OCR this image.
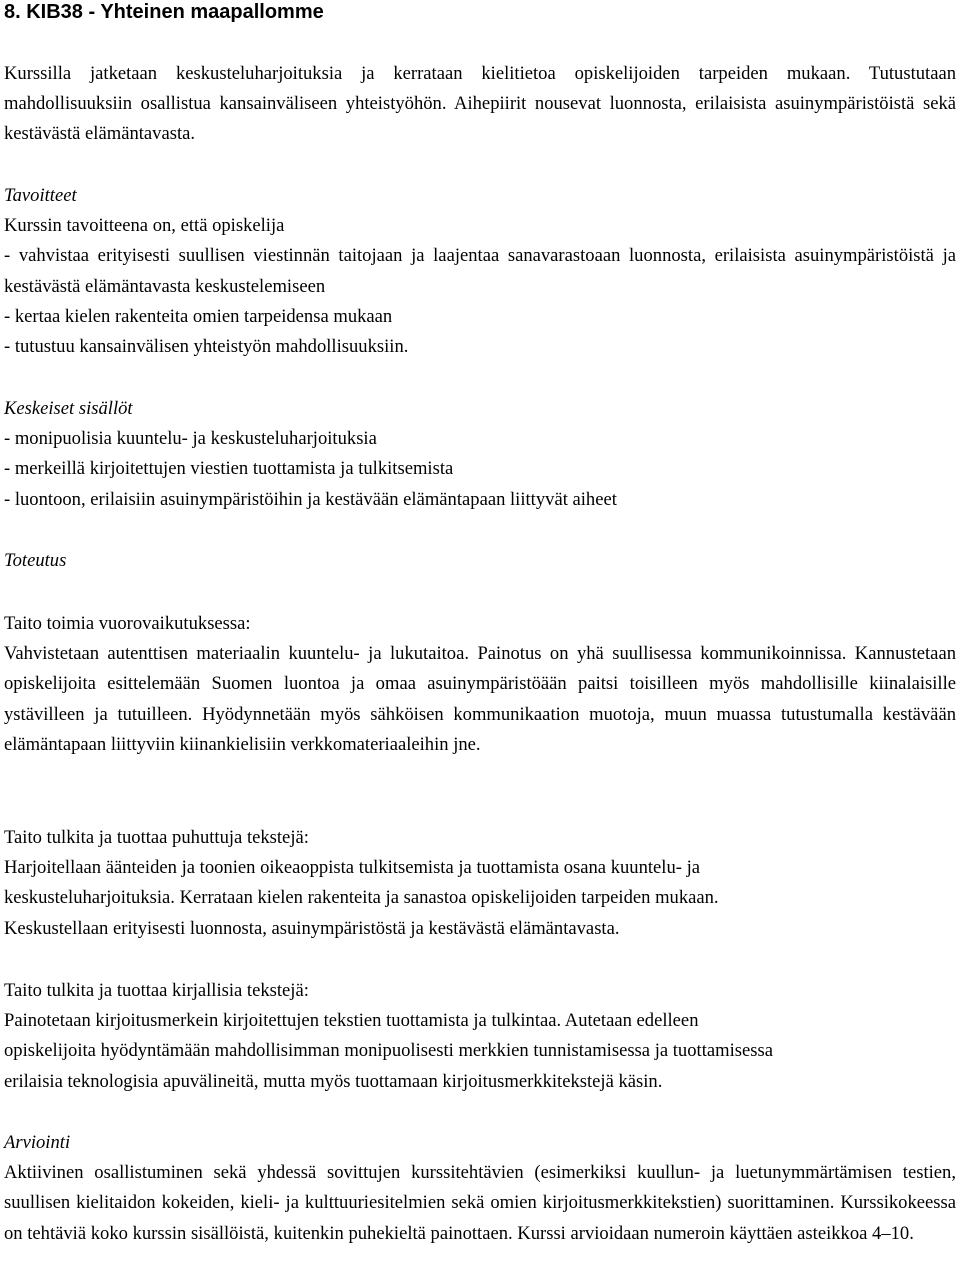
8. KIB38 - Yhteinen maapallomme

Kurssilla jatketaan keskusteluharjoituksia ja kerrataan kielitietoa opiskelijoiden tarpeiden mukaan. Tutustutaan mahdollisuuksiin osallistua kansainväliseen yhteistyöhön. Aihepiirit nousevat luonnosta, erilaisista asuinympäristöistä sekä kestävästä elämäntavasta.

Tavoitteet
Kurssin tavoitteena on, että opiskelija

- vahvistaa erityisesti suullisen viestinnän taitojaan ja laajentaa sanavarastoaan luonnosta, erilaisista asuinympäristöistä ja kestävästä elämäntavasta keskustelemiseen

- kertaa kielen rakenteita omien tarpeidensa mukaan
- tutustuu kansainvälisen yhteistyön mahdollisuuksiin.
Keskeiset sisällöt
- monipuolisia kuuntelu- ja keskusteluharjoituksia
- merkeillä kirjoitettujen viestien tuottamista ja tulkitsemista
- luontoon, erilaisiin asuinympäristöihin ja kestävään elämäntapaan liittyvät aiheet
Toteutus
Taito toimia vuorovaikutuksessa:

Vahvistetaan autenttisen materiaalin kuuntelu- ja lukutaitoa. Painotus on yhä suullisessa kommunikoinnissa. Kannustetaan opiskelijoita esittelemään Suomen luontoa ja omaa asuinympäristöään paitsi toisilleen myös mahdollisille kiinalaisille ystävilleen ja tutuilleen. Hyödynnetään myös sähköisen kommunikaation muotoja, muun muassa tutustumalla kestävään elämäntapaan liittyviin kiinankielisiin verkkomateriaaleihin jne.

Taito tulkita ja tuottaa puhuttuja tekstejä:
Harjoitellaan äänteiden ja toonien oikeaoppista tulkitsemista ja tuottamista osana kuuntelu- ja
keskusteluharjoituksia. Kerrataan kielen rakenteita ja sanastoa opiskelijoiden tarpeiden mukaan.
Keskustellaan erityisesti luonnosta, asuinympäristöstä ja kestävästä elämäntavasta.
Taito tulkita ja tuottaa kirjallisia tekstejä:
Painotetaan kirjoitusmerkein kirjoitettujen tekstien tuottamista ja tulkintaa. Autetaan edelleen
opiskelijoita hyödyntämään mahdollisimman monipuolisesti merkkien tunnistamisessa ja tuottamisessa
erilaisia teknologisia apuvälineitä, mutta myös tuottamaan kirjoitusmerkkitekstejä käsin.
Arviointi

Aktiivinen osallistuminen sekä yhdessä sovittujen kurssitehtävien (esimerkiksi kuullun- ja luetunymmärtämisen testien, suullisen kielitaidon kokeiden, kieli- ja kulttuuriesitelmien sekä omien kirjoitusmerkkitekstien) suorittaminen. Kurssikokeessa on tehtäviä koko kurssin sisällöistä, kuitenkin puhekieltä painottaen. Kurssi arvioidaan numeroin käyttäen asteikkoa 4–10.
